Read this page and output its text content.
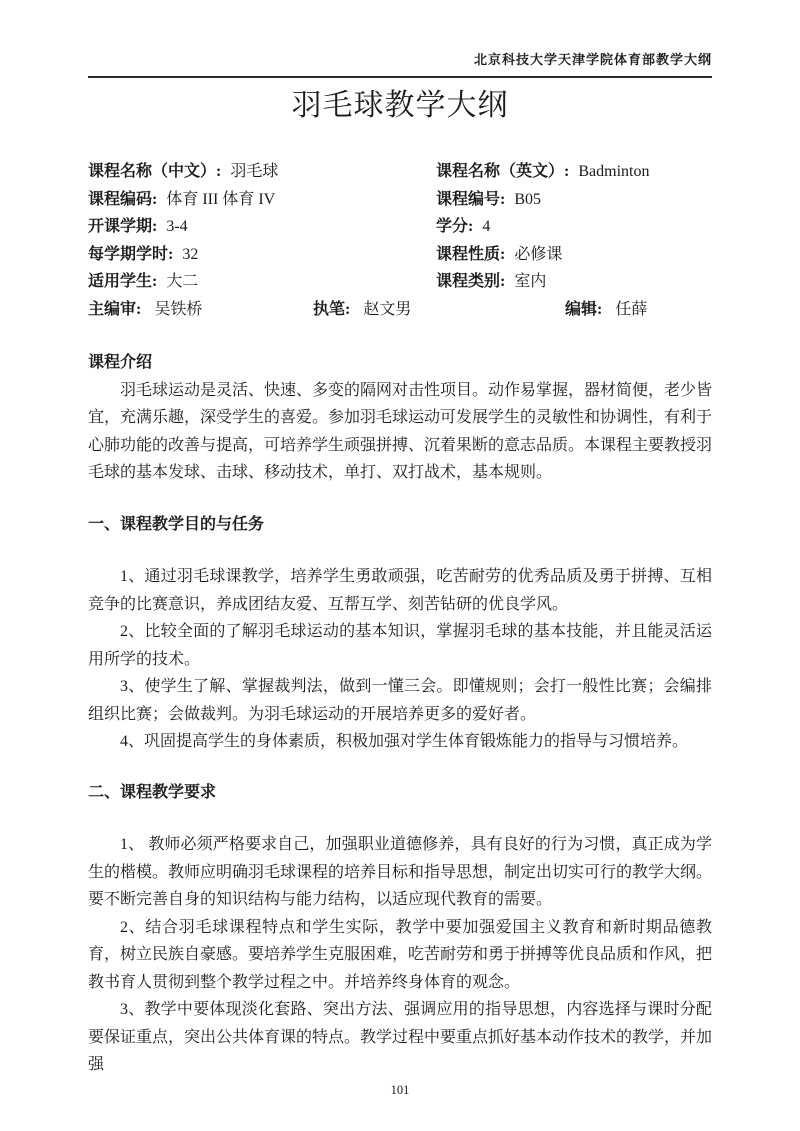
北京科技大学天津学院体育部教学大纲
羽毛球教学大纲
课程名称（中文）: 羽毛球	课程名称（英文）: Badminton
课程编码: 体育 III 体育 IV	课程编号: B05
开课学期: 3-4	学分: 4
每学期学时: 32	课程性质: 必修课
适用学生: 大二	课程类别: 室内
主编审: 吴铁桥	执笔: 赵文男	编辑: 任薛
课程介绍

羽毛球运动是灵活、快速、多变的隔网对击性项目。动作易掌握，器材简便，老少皆宜，充满乐趣，深受学生的喜爱。参加羽毛球运动可发展学生的灵敏性和协调性，有利于心肺功能的改善与提高，可培养学生顽强拼搏、沉着果断的意志品质。本课程主要教授羽毛球的基本发球、击球、移动技术，单打、双打战术，基本规则。

一、课程教学目的与任务

1、通过羽毛球课教学，培养学生勇敢顽强，吃苦耐劳的优秀品质及勇于拼搏、互相竞争的比赛意识，养成团结友爱、互帮互学、刻苦钻研的优良学风。

2、比较全面的了解羽毛球运动的基本知识，掌握羽毛球的基本技能，并且能灵活运用所学的技术。

3、使学生了解、掌握裁判法，做到一懂三会。即懂规则；会打一般性比赛；会编排组织比赛；会做裁判。为羽毛球运动的开展培养更多的爱好者。

4、巩固提高学生的身体素质，积极加强对学生体育锻炼能力的指导与习惯培养。

二、课程教学要求

1、 教师必须严格要求自己，加强职业道德修养，具有良好的行为习惯，真正成为学生的楷模。教师应明确羽毛球课程的培养目标和指导思想，制定出切实可行的教学大纲。要不断完善自身的知识结构与能力结构，以适应现代教育的需要。

2、结合羽毛球课程特点和学生实际，教学中要加强爱国主义教育和新时期品德教育，树立民族自豪感。要培养学生克服困难，吃苦耐劳和勇于拼搏等优良品质和作风，把教书育人贯彻到整个教学过程之中。并培养终身体育的观念。

3、教学中要体现淡化套路、突出方法、强调应用的指导思想，内容选择与课时分配要保证重点，突出公共体育课的特点。教学过程中要重点抓好基本动作技术的教学，并加强

101
